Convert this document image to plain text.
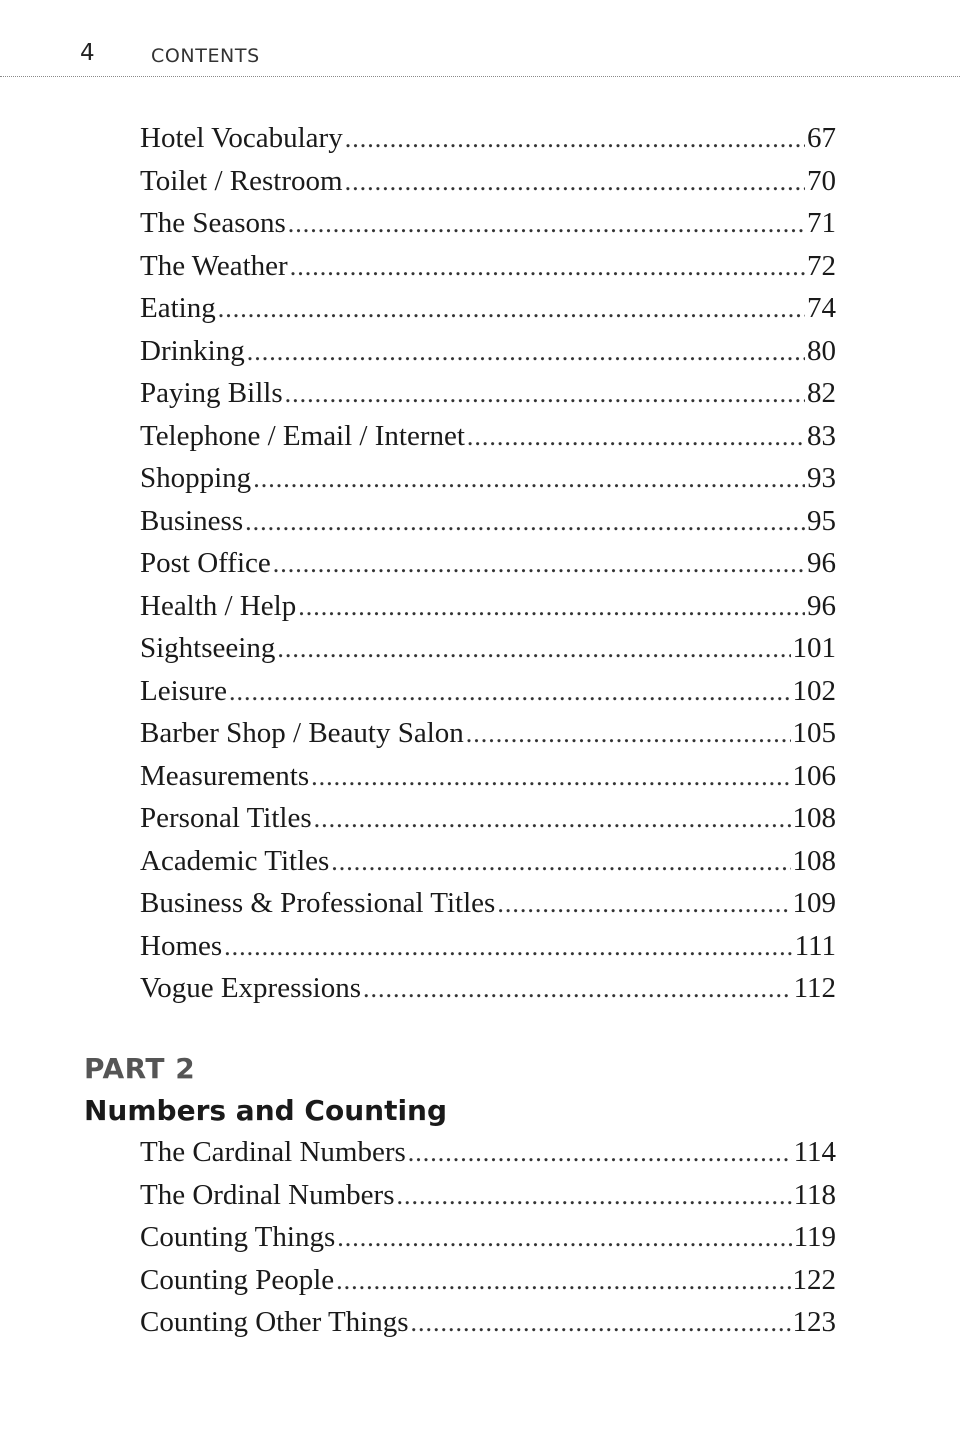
4	CONTENTS
Hotel Vocabulary .....	67
Toilet / Restroom .....	70
The Seasons .....	71
The Weather .....	72
Eating .....	74
Drinking .....	80
Paying Bills .....	82
Telephone / Email / Internet .....	83
Shopping .....	93
Business .....	95
Post Office .....	96
Health / Help .....	96
Sightseeing .....	101
Leisure .....	102
Barber Shop / Beauty Salon .....	105
Measurements .....	106
Personal Titles .....	108
Academic Titles .....	108
Business & Professional Titles .....	109
Homes .....	111
Vogue Expressions .....	112
PART 2
Numbers and Counting
The Cardinal Numbers .....	114
The Ordinal Numbers .....	118
Counting Things .....	119
Counting People .....	122
Counting Other Things .....	123
